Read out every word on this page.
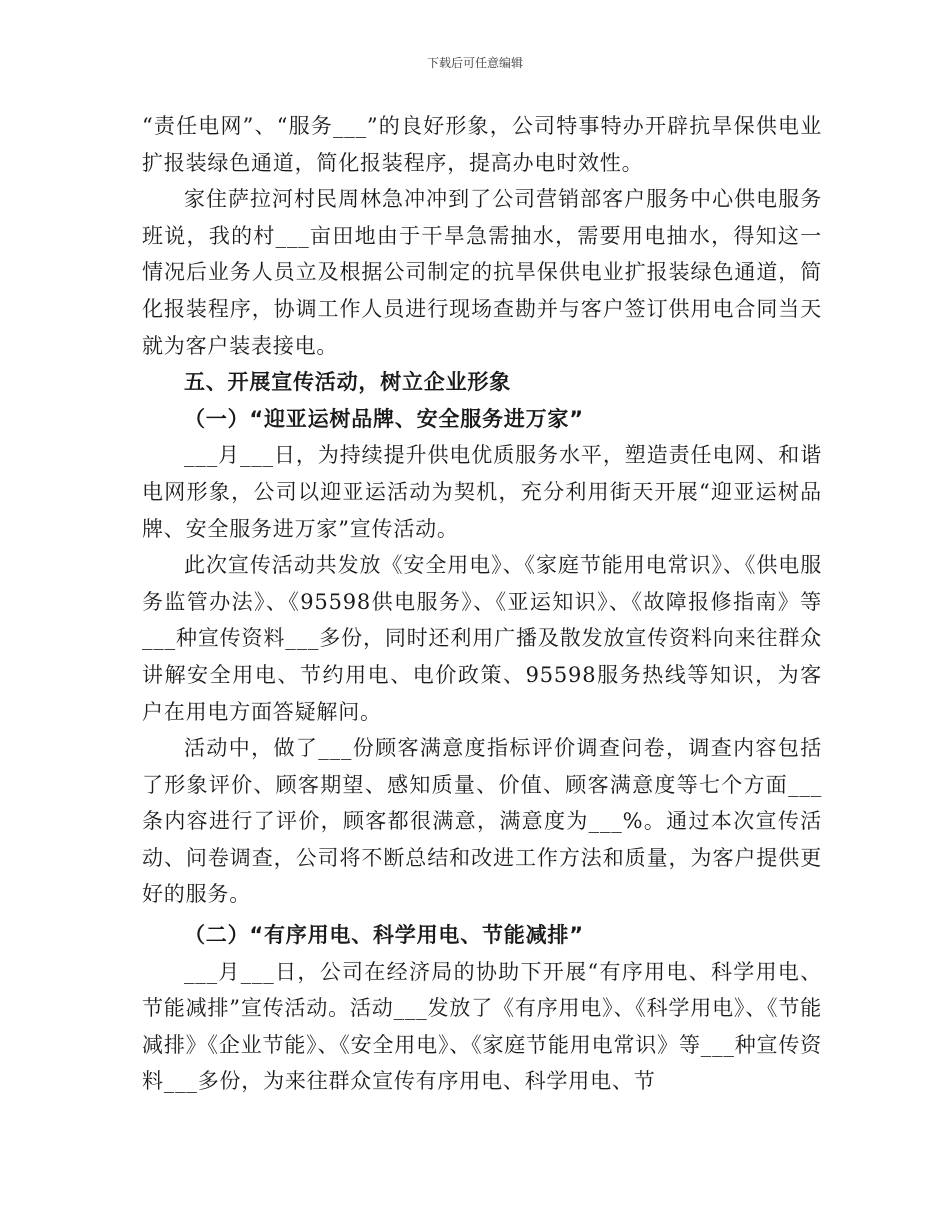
下载后可任意编辑

“责任电网”、“服务___”的良好形象，公司特事特办开辟抗旱保供电业扩报装绿色通道，简化报装程序，提高办电时效性。

家住萨拉河村民周林急冲冲到了公司营销部客户服务中心供电服务班说，我的村___亩田地由于干旱急需抽水，需要用电抽水，得知这一情况后业务人员立及根据公司制定的抗旱保供电业扩报装绿色通道，简化报装程序，协调工作人员进行现场查勘并与客户签订供用电合同当天就为客户装表接电。

五、开展宣传活动，树立企业形象

（一）“迎亚运树品牌、安全服务进万家”

___月___日，为持续提升供电优质服务水平，塑造责任电网、和谐电网形象，公司以迎亚运活动为契机，充分利用街天开展“迎亚运树品牌、安全服务进万家”宣传活动。

此次宣传活动共发放《安全用电》、《家庭节能用电常识》、《供电服务监管办法》、《95598供电服务》、《亚运知识》、《故障报修指南》等___种宣传资料___多份，同时还利用广播及散发放宣传资料向来往群众讲解安全用电、节约用电、电价政策、95598服务热线等知识，为客户在用电方面答疑解问。

活动中，做了___份顾客满意度指标评价调查问卷，调查内容包括了形象评价、顾客期望、感知质量、价值、顾客满意度等七个方面___条内容进行了评价，顾客都很满意，满意度为___%。通过本次宣传活动、问卷调查，公司将不断总结和改进工作方法和质量，为客户提供更好的服务。

（二）“有序用电、科学用电、节能减排”

___月___日，公司在经济局的协助下开展“有序用电、科学用电、节能减排”宣传活动。活动___发放了《有序用电》、《科学用电》、《节能减排》《企业节能》、《安全用电》、《家庭节能用电常识》等___种宣传资料___多份，为来往群众宣传有序用电、科学用电、节
